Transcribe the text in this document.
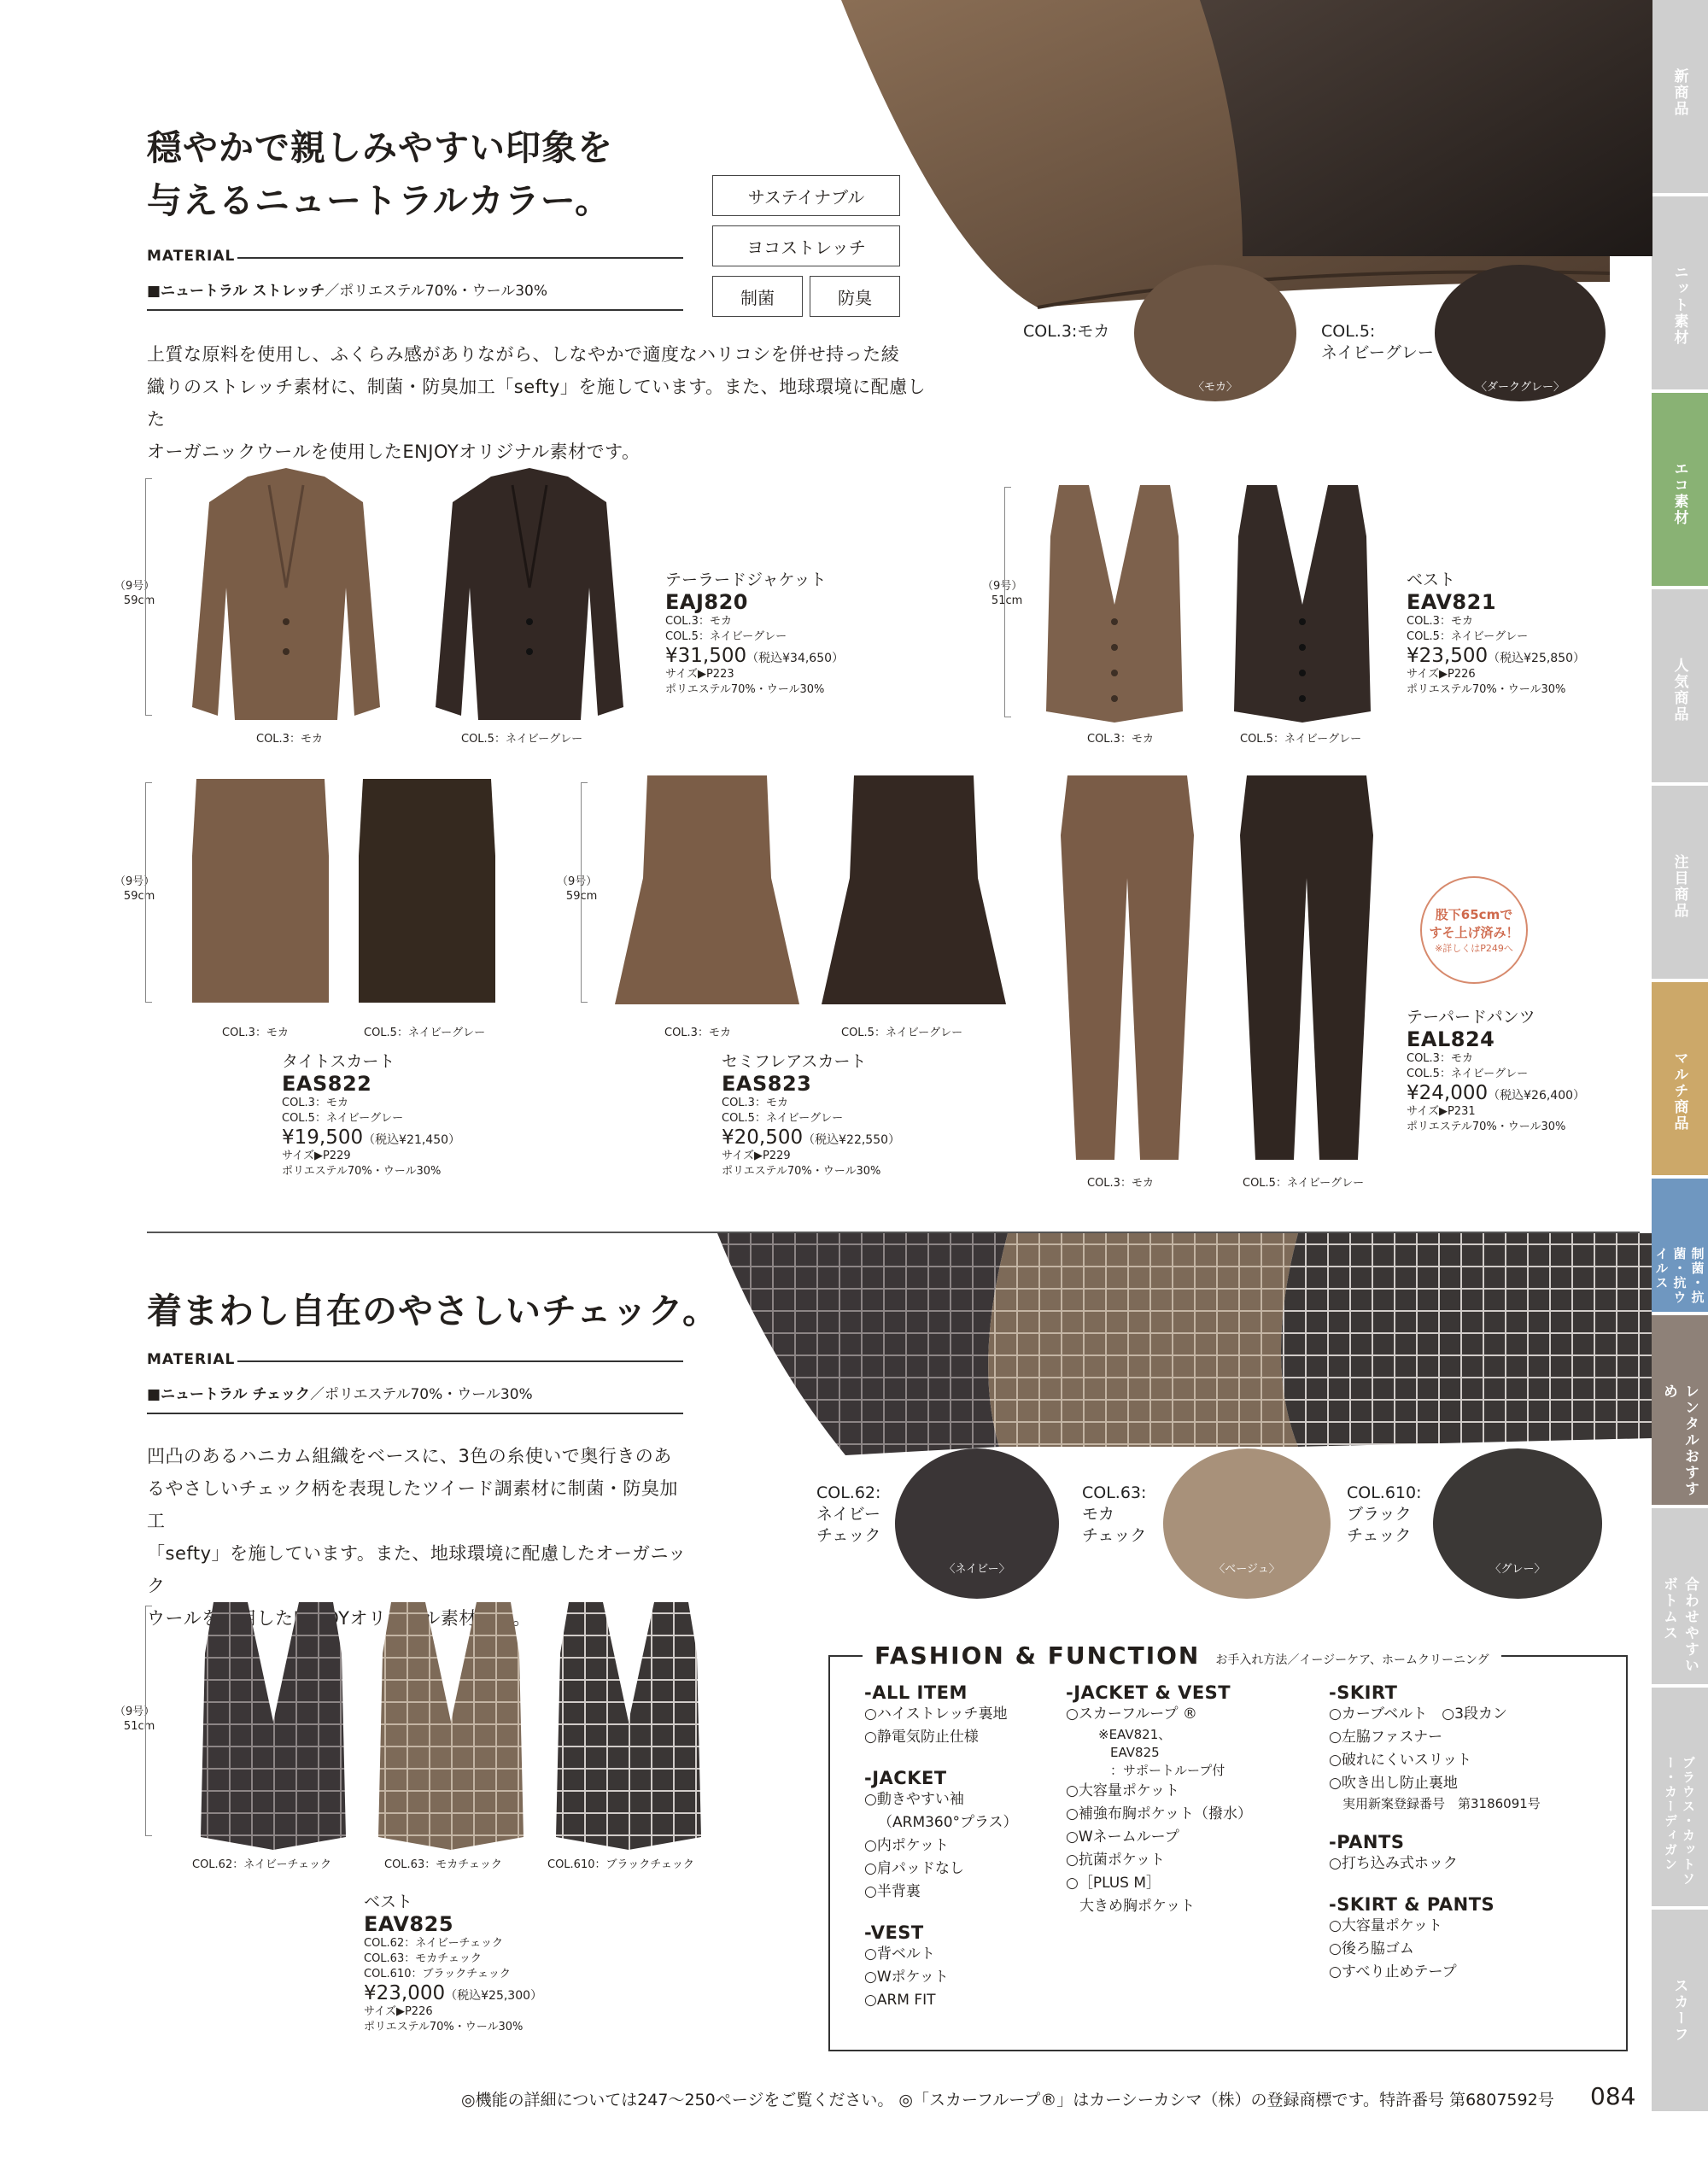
新商品
ニット素材
エコ素材
人気商品
注目商品
マルチ商品
制菌・抗菌・抗ウイルス
レンタルおすすめ
合わせやすいボトムス
ブラウス・カットソー・カーディガン
スカーフ
〈モカ〉
COL.3:モカ
〈ダークグレー〉
COL.5:
ネイビーグレー
穏やかで親しみやすい印象を
与えるニュートラルカラー。
MATERIAL
■ニュートラル ストレッチ／ポリエステル70%・ウール30%
サステイナブル
ヨコストレッチ
制菌	防臭
上質な原料を使用し、ふくらみ感がありながら、しなやかで適度なハリコシを併せ持った綾
織りのストレッチ素材に、制菌・防臭加工「sefty」を施しています。また、地球環境に配慮した
オーガニックウールを使用したENJOYオリジナル素材です。
（9号）
59cm
COL.3：モカ	COL.5：ネイビーグレー
テーラードジャケット
EAJ820
COL.3：モカ
COL.5：ネイビーグレー
¥31,500（税込¥34,650）
サイズ▶P223
ポリエステル70%・ウール30%
（9号）
51cm
COL.3：モカ	COL.5：ネイビーグレー
ベスト
EAV821
COL.3：モカ
COL.5：ネイビーグレー
¥23,500（税込¥25,850）
サイズ▶P226
ポリエステル70%・ウール30%
（9号）
59cm
COL.3：モカ	COL.5：ネイビーグレー
タイトスカート
EAS822
COL.3：モカ
COL.5：ネイビーグレー
¥19,500（税込¥21,450）
サイズ▶P229
ポリエステル70%・ウール30%
（9号）
59cm
COL.3：モカ	COL.5：ネイビーグレー
セミフレアスカート
EAS823
COL.3：モカ
COL.5：ネイビーグレー
¥20,500（税込¥22,550）
サイズ▶P229
ポリエステル70%・ウール30%
COL.3：モカ	COL.5：ネイビーグレー
股下65cmで
すそ上げ済み！
※詳しくはP249へ
テーパードパンツ
EAL824
COL.3：モカ
COL.5：ネイビーグレー
¥24,000（税込¥26,400）
サイズ▶P231
ポリエステル70%・ウール30%
COL.62:
ネイビー
チェック
〈ネイビー〉
COL.63:
モカ
チェック
〈ベージュ〉
COL.610:
ブラック
チェック
〈グレー〉
着まわし自在のやさしいチェック。
MATERIAL
■ニュートラル チェック／ポリエステル70%・ウール30%
凹凸のあるハニカム組織をベースに、3色の糸使いで奥行きのあ
るやさしいチェック柄を表現したツイード調素材に制菌・防臭加工
「sefty」を施しています。また、地球環境に配慮したオーガニック
ウールを使用したENJOYオリジナル素材です。
（9号）
51cm
COL.62：ネイビーチェック	COL.63：モカチェック	COL.610：ブラックチェック
ベスト
EAV825
COL.62：ネイビーチェック
COL.63：モカチェック
COL.610：ブラックチェック
¥23,000（税込¥25,300）
サイズ▶P226
ポリエステル70%・ウール30%
FASHION & FUNCTION お手入れ方法／イージーケア、ホームクリーニング
-ALL ITEM
○ハイストレッチ裏地
○静電気防止仕様
-JACKET
○動きやすい袖
（ARM360°プラス）
○内ポケット
○肩パッドなし
○半背裏
-VEST
○背ベルト
○Wポケット
○ARM FIT
-JACKET & VEST
○スカーフループ ®
※EAV821、
EAV825
：サポートループ付
○大容量ポケット
○補強布胸ポケット（撥水）
○Wネームループ
○抗菌ポケット
○［PLUS M］
大きめ胸ポケット
-SKIRT
○カーブベルト　○3段カン
○左脇ファスナー
○破れにくいスリット
○吹き出し防止裏地
実用新案登録番号　第3186091号
-PANTS
○打ち込み式ホック
-SKIRT & PANTS
○大容量ポケット
○後ろ脇ゴム
○すべり止めテープ
◎機能の詳細については247～250ページをご覧ください。 ◎「スカーフループ®」はカーシーカシマ（株）の登録商標です。特許番号 第6807592号 084
